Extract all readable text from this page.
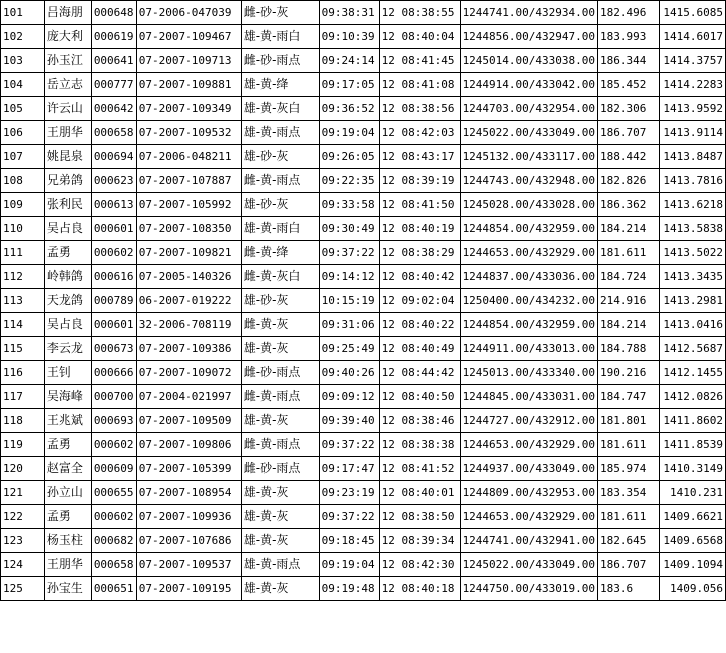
101	吕海朋	000648	07-2006-047039	雌-砂-灰	09:38:31	12 08:38:55	1244741.00/432934.00	182.496	1415.6085
102	庞大利	000619	07-2007-109467	雄-黄-雨白	09:10:39	12 08:40:04	1244856.00/432947.00	183.993	1414.6017
103	孙玉江	000641	07-2007-109713	雌-砂-雨点	09:24:14	12 08:41:45	1245014.00/433038.00	186.344	1414.3757
104	岳立志	000777	07-2007-109881	雄-黄-绛	09:17:05	12 08:41:08	1244914.00/433042.00	185.452	1414.2283
105	许云山	000642	07-2007-109349	雄-黄-灰白	09:36:52	12 08:38:56	1244703.00/432954.00	182.306	1413.9592
106	王朋华	000658	07-2007-109532	雄-黄-雨点	09:19:04	12 08:42:03	1245022.00/433049.00	186.707	1413.9114
107	姚昆泉	000694	07-2006-048211	雄-砂-灰	09:26:05	12 08:43:17	1245132.00/433117.00	188.442	1413.8487
108	兄弟鸽	000623	07-2007-107887	雌-黄-雨点	09:22:35	12 08:39:19	1244743.00/432948.00	182.826	1413.7816
109	张利民	000613	07-2007-105992	雄-砂-灰	09:33:58	12 08:41:50	1245028.00/433028.00	186.362	1413.6218
110	吴占良	000601	07-2007-108350	雄-黄-雨白	09:30:49	12 08:40:19	1244854.00/432959.00	184.214	1413.5838
111	孟勇	000602	07-2007-109821	雌-黄-绛	09:37:22	12 08:38:29	1244653.00/432929.00	181.611	1413.5022
112	岭韩鸽	000616	07-2005-140326	雌-黄-灰白	09:14:12	12 08:40:42	1244837.00/433036.00	184.724	1413.3435
113	天龙鸽	000789	06-2007-019222	雄-砂-灰	10:15:19	12 09:02:04	1250400.00/434232.00	214.916	1413.2981
114	吴占良	000601	32-2006-708119	雌-黄-灰	09:31:06	12 08:40:22	1244854.00/432959.00	184.214	1413.0416
115	李云龙	000673	07-2007-109386	雄-黄-灰	09:25:49	12 08:40:49	1244911.00/433013.00	184.788	1412.5687
116	王钊	000666	07-2007-109072	雌-砂-雨点	09:40:26	12 08:44:42	1245013.00/433340.00	190.216	1412.1455
117	吴海峰	000700	07-2004-021997	雌-黄-雨点	09:09:12	12 08:40:50	1244845.00/433031.00	184.747	1412.0826
118	王兆斌	000693	07-2007-109509	雄-黄-灰	09:39:40	12 08:38:46	1244727.00/432912.00	181.801	1411.8602
119	孟勇	000602	07-2007-109806	雌-黄-雨点	09:37:22	12 08:38:38	1244653.00/432929.00	181.611	1411.8539
120	赵富全	000609	07-2007-105399	雌-砂-雨点	09:17:47	12 08:41:52	1244937.00/433049.00	185.974	1410.3149
121	孙立山	000655	07-2007-108954	雄-黄-灰	09:23:19	12 08:40:01	1244809.00/432953.00	183.354	1410.231
122	孟勇	000602	07-2007-109936	雄-黄-灰	09:37:22	12 08:38:50	1244653.00/432929.00	181.611	1409.6621
123	杨玉柱	000682	07-2007-107686	雄-黄-灰	09:18:45	12 08:39:34	1244741.00/432941.00	182.645	1409.6568
124	王朋华	000658	07-2007-109537	雄-黄-雨点	09:19:04	12 08:42:30	1245022.00/433049.00	186.707	1409.1094
125	孙宝生	000651	07-2007-109195	雄-黄-灰	09:19:48	12 08:40:18	1244750.00/433019.00	183.6	1409.056
